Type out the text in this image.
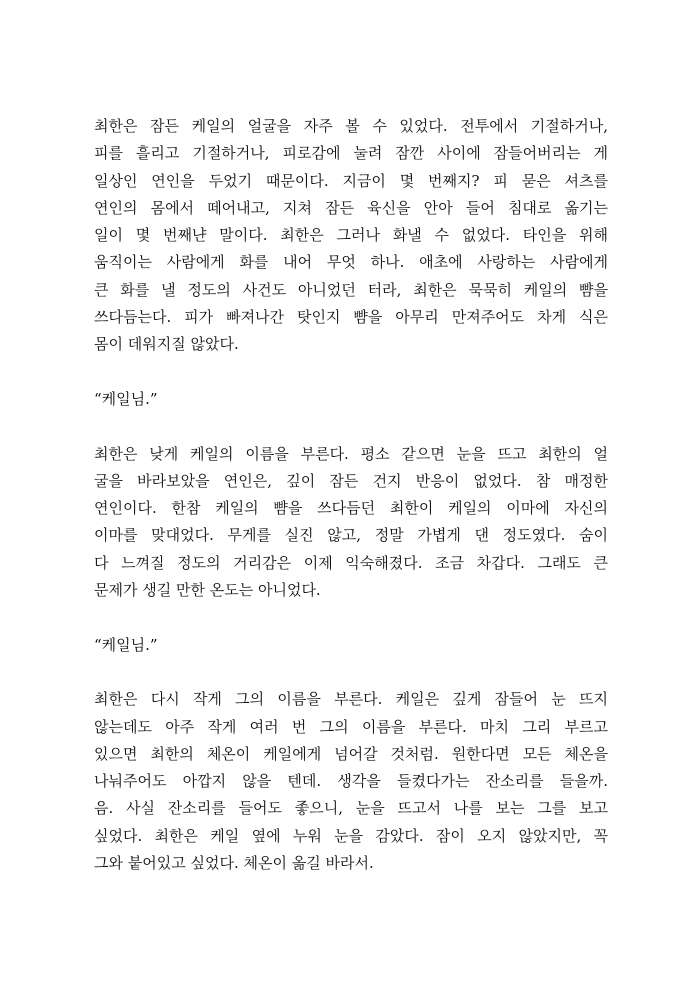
최한은 잠든 케일의 얼굴을 자주 볼 수 있었다. 전투에서 기절하거나,
피를 흘리고 기절하거나, 피로감에 눌려 잠깐 사이에 잠들어버리는 게
일상인 연인을 두었기 때문이다. 지금이 몇 번째지? 피 묻은 셔츠를
연인의 몸에서 떼어내고, 지쳐 잠든 육신을 안아 들어 침대로 옮기는
일이 몇 번째냔 말이다. 최한은 그러나 화낼 수 없었다. 타인을 위해
움직이는 사람에게 화를 내어 무엇 하나. 애초에 사랑하는 사람에게
큰 화를 낼 정도의 사건도 아니었던 터라, 최한은 묵묵히 케일의 뺨을
쓰다듬는다. 피가 빠져나간 탓인지 뺨을 아무리 만져주어도 차게 식은
몸이 데워지질 않았다.

“케일님.”

최한은 낮게 케일의 이름을 부른다. 평소 같으면 눈을 뜨고 최한의 얼
굴을 바라보았을 연인은, 깊이 잠든 건지 반응이 없었다. 참 매정한
연인이다. 한참 케일의 뺨을 쓰다듬던 최한이 케일의 이마에 자신의
이마를 맞대었다. 무게를 실진 않고, 정말 가볍게 댄 정도였다. 숨이
다 느껴질 정도의 거리감은 이제 익숙해졌다. 조금 차갑다. 그래도 큰
문제가 생길 만한 온도는 아니었다.

“케일님.”

최한은 다시 작게 그의 이름을 부른다. 케일은 깊게 잠들어 눈 뜨지
않는데도 아주 작게 여러 번 그의 이름을 부른다. 마치 그리 부르고
있으면 최한의 체온이 케일에게 넘어갈 것처럼. 원한다면 모든 체온을
나눠주어도 아깝지 않을 텐데. 생각을 들켰다가는 잔소리를 들을까.
음. 사실 잔소리를 들어도 좋으니, 눈을 뜨고서 나를 보는 그를 보고
싶었다. 최한은 케일 옆에 누워 눈을 감았다. 잠이 오지 않았지만, 꼭
그와 붙어있고 싶었다. 체온이 옮길 바라서.
